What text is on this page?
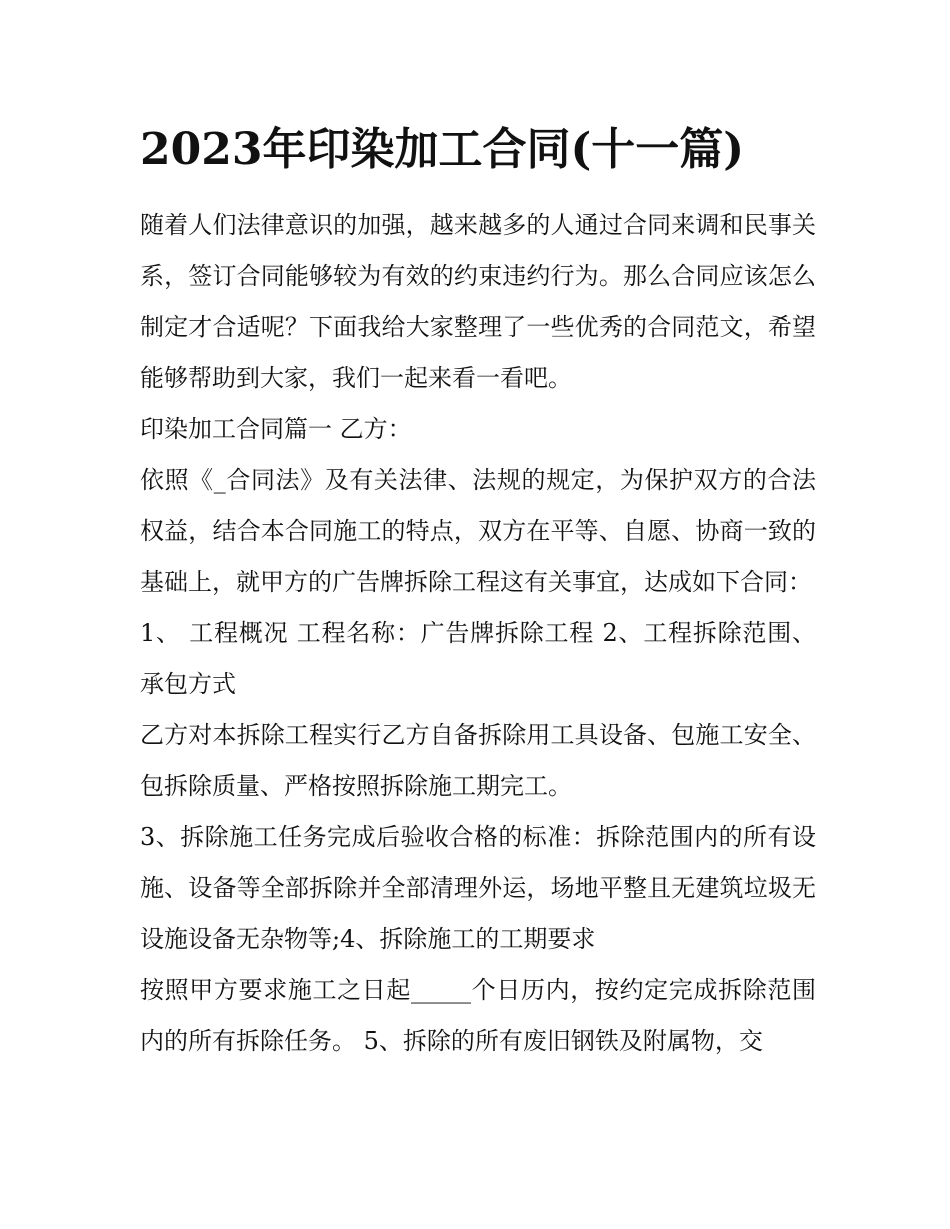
2023年印染加工合同(十一篇)

随着人们法律意识的加强，越来越多的人通过合同来调和民事关系，签订合同能够较为有效的约束违约行为。那么合同应该怎么制定才合适呢？下面我给大家整理了一些优秀的合同范文，希望能够帮助到大家，我们一起来看一看吧。

印染加工合同篇一 乙方：

依照《_合同法》及有关法律、法规的规定，为保护双方的合法权益，结合本合同施工的特点，双方在平等、自愿、协商一致的基础上，就甲方的广告牌拆除工程这有关事宜，达成如下合同：

1、 工程概况 工程名称：广告牌拆除工程 2、工程拆除范围、承包方式

乙方对本拆除工程实行乙方自备拆除用工具设备、包施工安全、包拆除质量、严格按照拆除施工期完工。

3、拆除施工任务完成后验收合格的标准：拆除范围内的所有设施、设备等全部拆除并全部清理外运，场地平整且无建筑垃圾无设施设备无杂物等;4、拆除施工的工期要求

按照甲方要求施工之日起_____个日历内，按约定完成拆除范围内的所有拆除任务。 5、拆除的所有废旧钢铁及附属物，交
